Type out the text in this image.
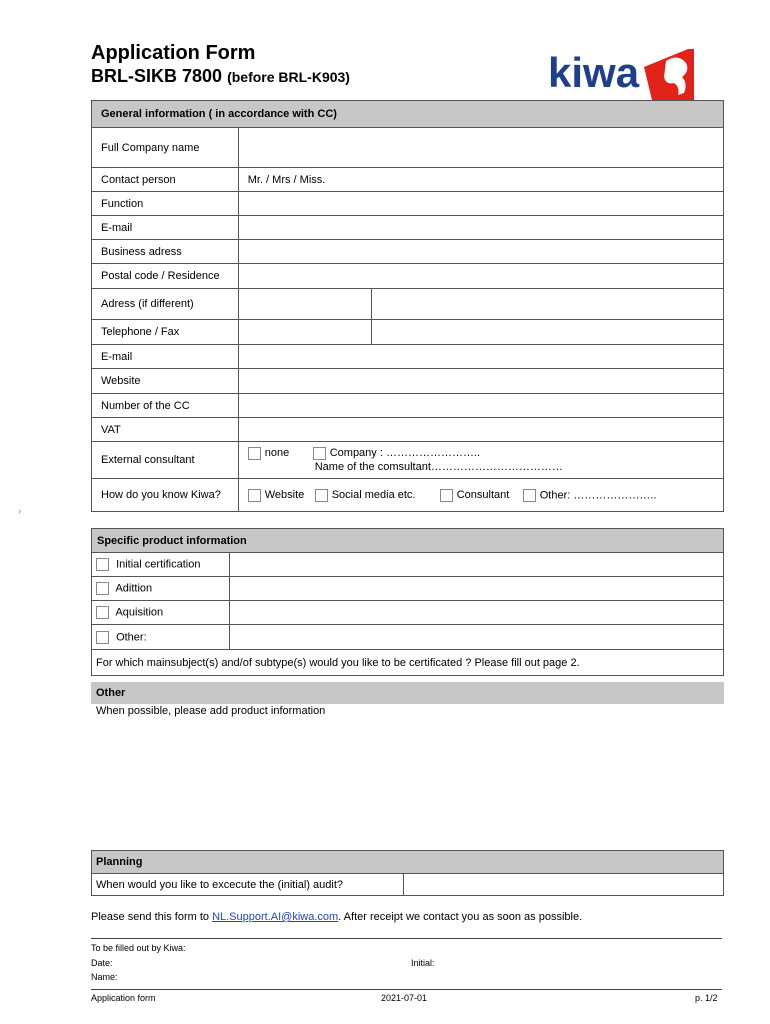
Application Form
BRL-SIKB 7800 (before BRL-K903)	kiwa
General information ( in accordance with CC)		
Full Company name		
Contact person	Mr. / Mrs / Miss.	
Function		
E-mail		
Business adress		
Postal code / Residence		
Adress (if different)		
Telephone / Fax		
E-mail		
Website		
Number of the CC		
VAT		
External consultant	none Company : ……………………..
Name of the comsultant………………………………	

How do you know Kiwa?	Website Social media etc. Consultant Other: …………………..	
›
Specific product information	
Initial certification	
Adittion	
Aquisition	
Other:	
For which mainsubject(s) and/of subtype(s) would you like to be certificated ? Please fill out page 2.	
Other
When possible, please add product information
Planning
When would you like to excecute the (initial) audit?	
Please send this form to NL.Support.AI@kiwa.com. After receipt we contact you as soon as possible.
To be filled out by Kiwa:
Date:	Initial:
Name:
Application form	2021-07-01	p. 1/2
